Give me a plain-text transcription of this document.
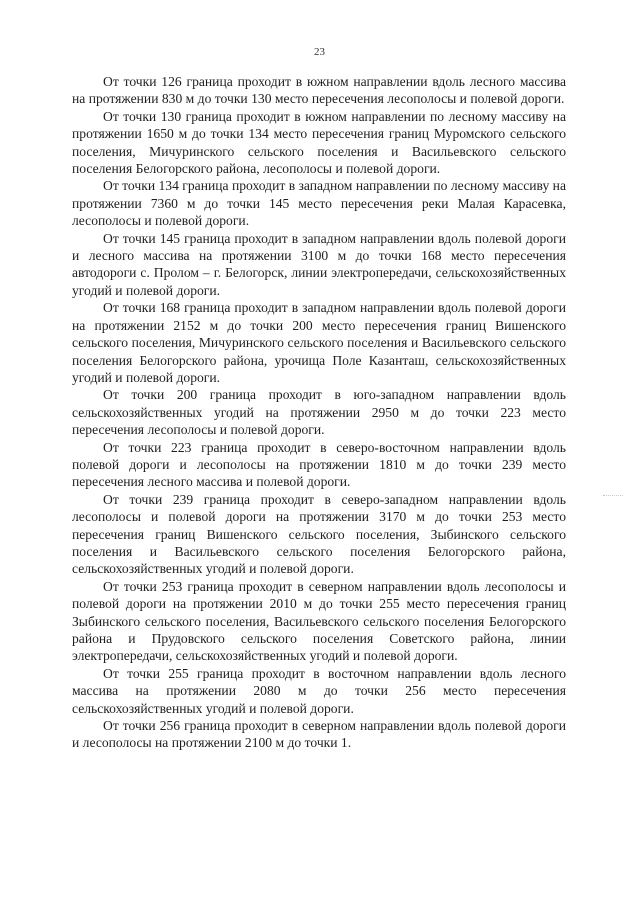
23

От точки 126 граница проходит в южном направлении вдоль лесного массива на протяжении 830 м до точки 130 место пересечения лесополосы и полевой дороги.

От точки 130 граница проходит в южном направлении по лесному массиву на протяжении 1650 м до точки 134 место пересечения границ Муромского сельского поселения, Мичуринского сельского поселения и Васильевского сельского поселения Белогорского района, лесополосы и полевой дороги.

От точки 134 граница проходит в западном направлении по лесному массиву на протяжении 7360 м до точки 145 место пересечения реки Малая Карасевка, лесополосы и полевой дороги.

От точки 145 граница проходит в западном направлении вдоль полевой дороги и лесного массива на протяжении 3100 м до точки 168 место пересечения автодороги с. Пролом – г. Белогорск, линии электропередачи, сельскохозяйственных угодий и полевой дороги.

От точки 168 граница проходит в западном направлении вдоль полевой дороги на протяжении 2152 м до точки 200 место пересечения границ Вишенского сельского поселения, Мичуринского сельского поселения и Васильевского сельского поселения Белогорского района, урочища Поле Казанташ, сельскохозяйственных угодий и полевой дороги.

От точки 200 граница проходит в юго-западном направлении вдоль сельскохозяйственных угодий на протяжении 2950 м до точки 223 место пересечения лесополосы и полевой дороги.

От точки 223 граница проходит в северо-восточном направлении вдоль полевой дороги и лесополосы на протяжении 1810 м до точки 239 место пересечения лесного массива и полевой дороги.

От точки 239 граница проходит в северо-западном направлении вдоль лесополосы и полевой дороги на протяжении 3170 м до точки 253 место пересечения границ Вишенского сельского поселения, Зыбинского сельского поселения и Васильевского сельского поселения Белогорского района, сельскохозяйственных угодий и полевой дороги.

От точки 253 граница проходит в северном направлении вдоль лесополосы и полевой дороги на протяжении 2010 м до точки 255 место пересечения границ Зыбинского сельского поселения, Васильевского сельского поселения Белогорского района и Прудовского сельского поселения Советского района, линии электропередачи, сельскохозяйственных угодий и полевой дороги.

От точки 255 граница проходит в восточном направлении вдоль лесного массива на протяжении 2080 м до точки 256 место пересечения сельскохозяйственных угодий и полевой дороги.

От точки 256 граница проходит в северном направлении вдоль полевой дороги и лесополосы на протяжении 2100 м до точки 1.
